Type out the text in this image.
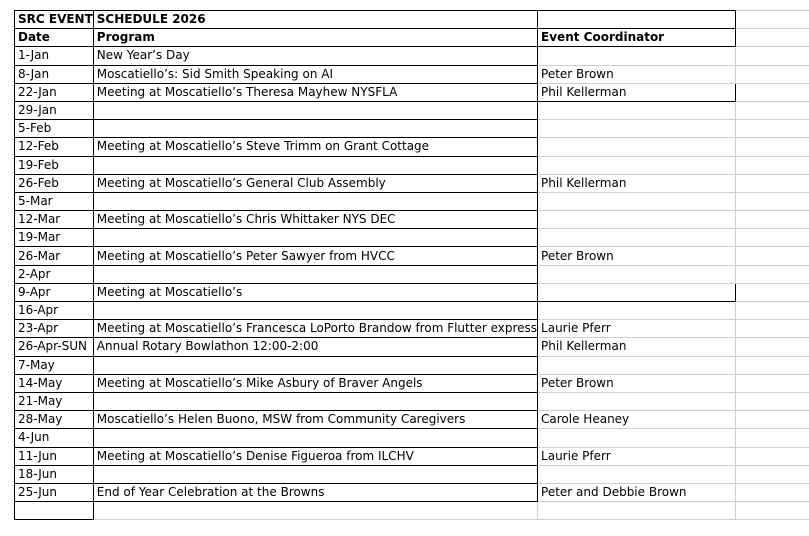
SRC EVENT	SCHEDULE 2026		
Date	Program	Event Coordinator	
1-Jan	New Year’s Day		
8-Jan	Moscatiello’s: Sid Smith Speaking on AI	Peter Brown	
22-Jan	Meeting at Moscatiello’s Theresa Mayhew NYSFLA	Phil Kellerman	
29-Jan			
5-Feb			
12-Feb	Meeting at Moscatiello’s Steve Trimm on Grant Cottage		
19-Feb			
26-Feb	Meeting at Moscatiello’s General Club Assembly	Phil Kellerman	
5-Mar			
12-Mar	Meeting at Moscatiello’s Chris Whittaker NYS DEC		
19-Mar			
26-Mar	Meeting at Moscatiello’s Peter Sawyer from HVCC	Peter Brown	
2-Apr			
9-Apr	Meeting at Moscatiello’s		
16-Apr			
23-Apr	Meeting at Moscatiello’s Francesca LoPorto Brandow from Flutter express	Laurie Pferr	
26-Apr-SUN	Annual Rotary Bowlathon 12:00-2:00	Phil Kellerman	
7-May			
14-May	Meeting at Moscatiello’s Mike Asbury of Braver Angels	Peter Brown	
21-May			
28-May	Moscatiello’s Helen Buono, MSW from Community Caregivers	Carole Heaney	
4-Jun			
11-Jun	Meeting at Moscatiello’s Denise Figueroa from ILCHV	Laurie Pferr	
18-Jun			
25-Jun	End of Year Celebration at the Browns	Peter and Debbie Brown	
